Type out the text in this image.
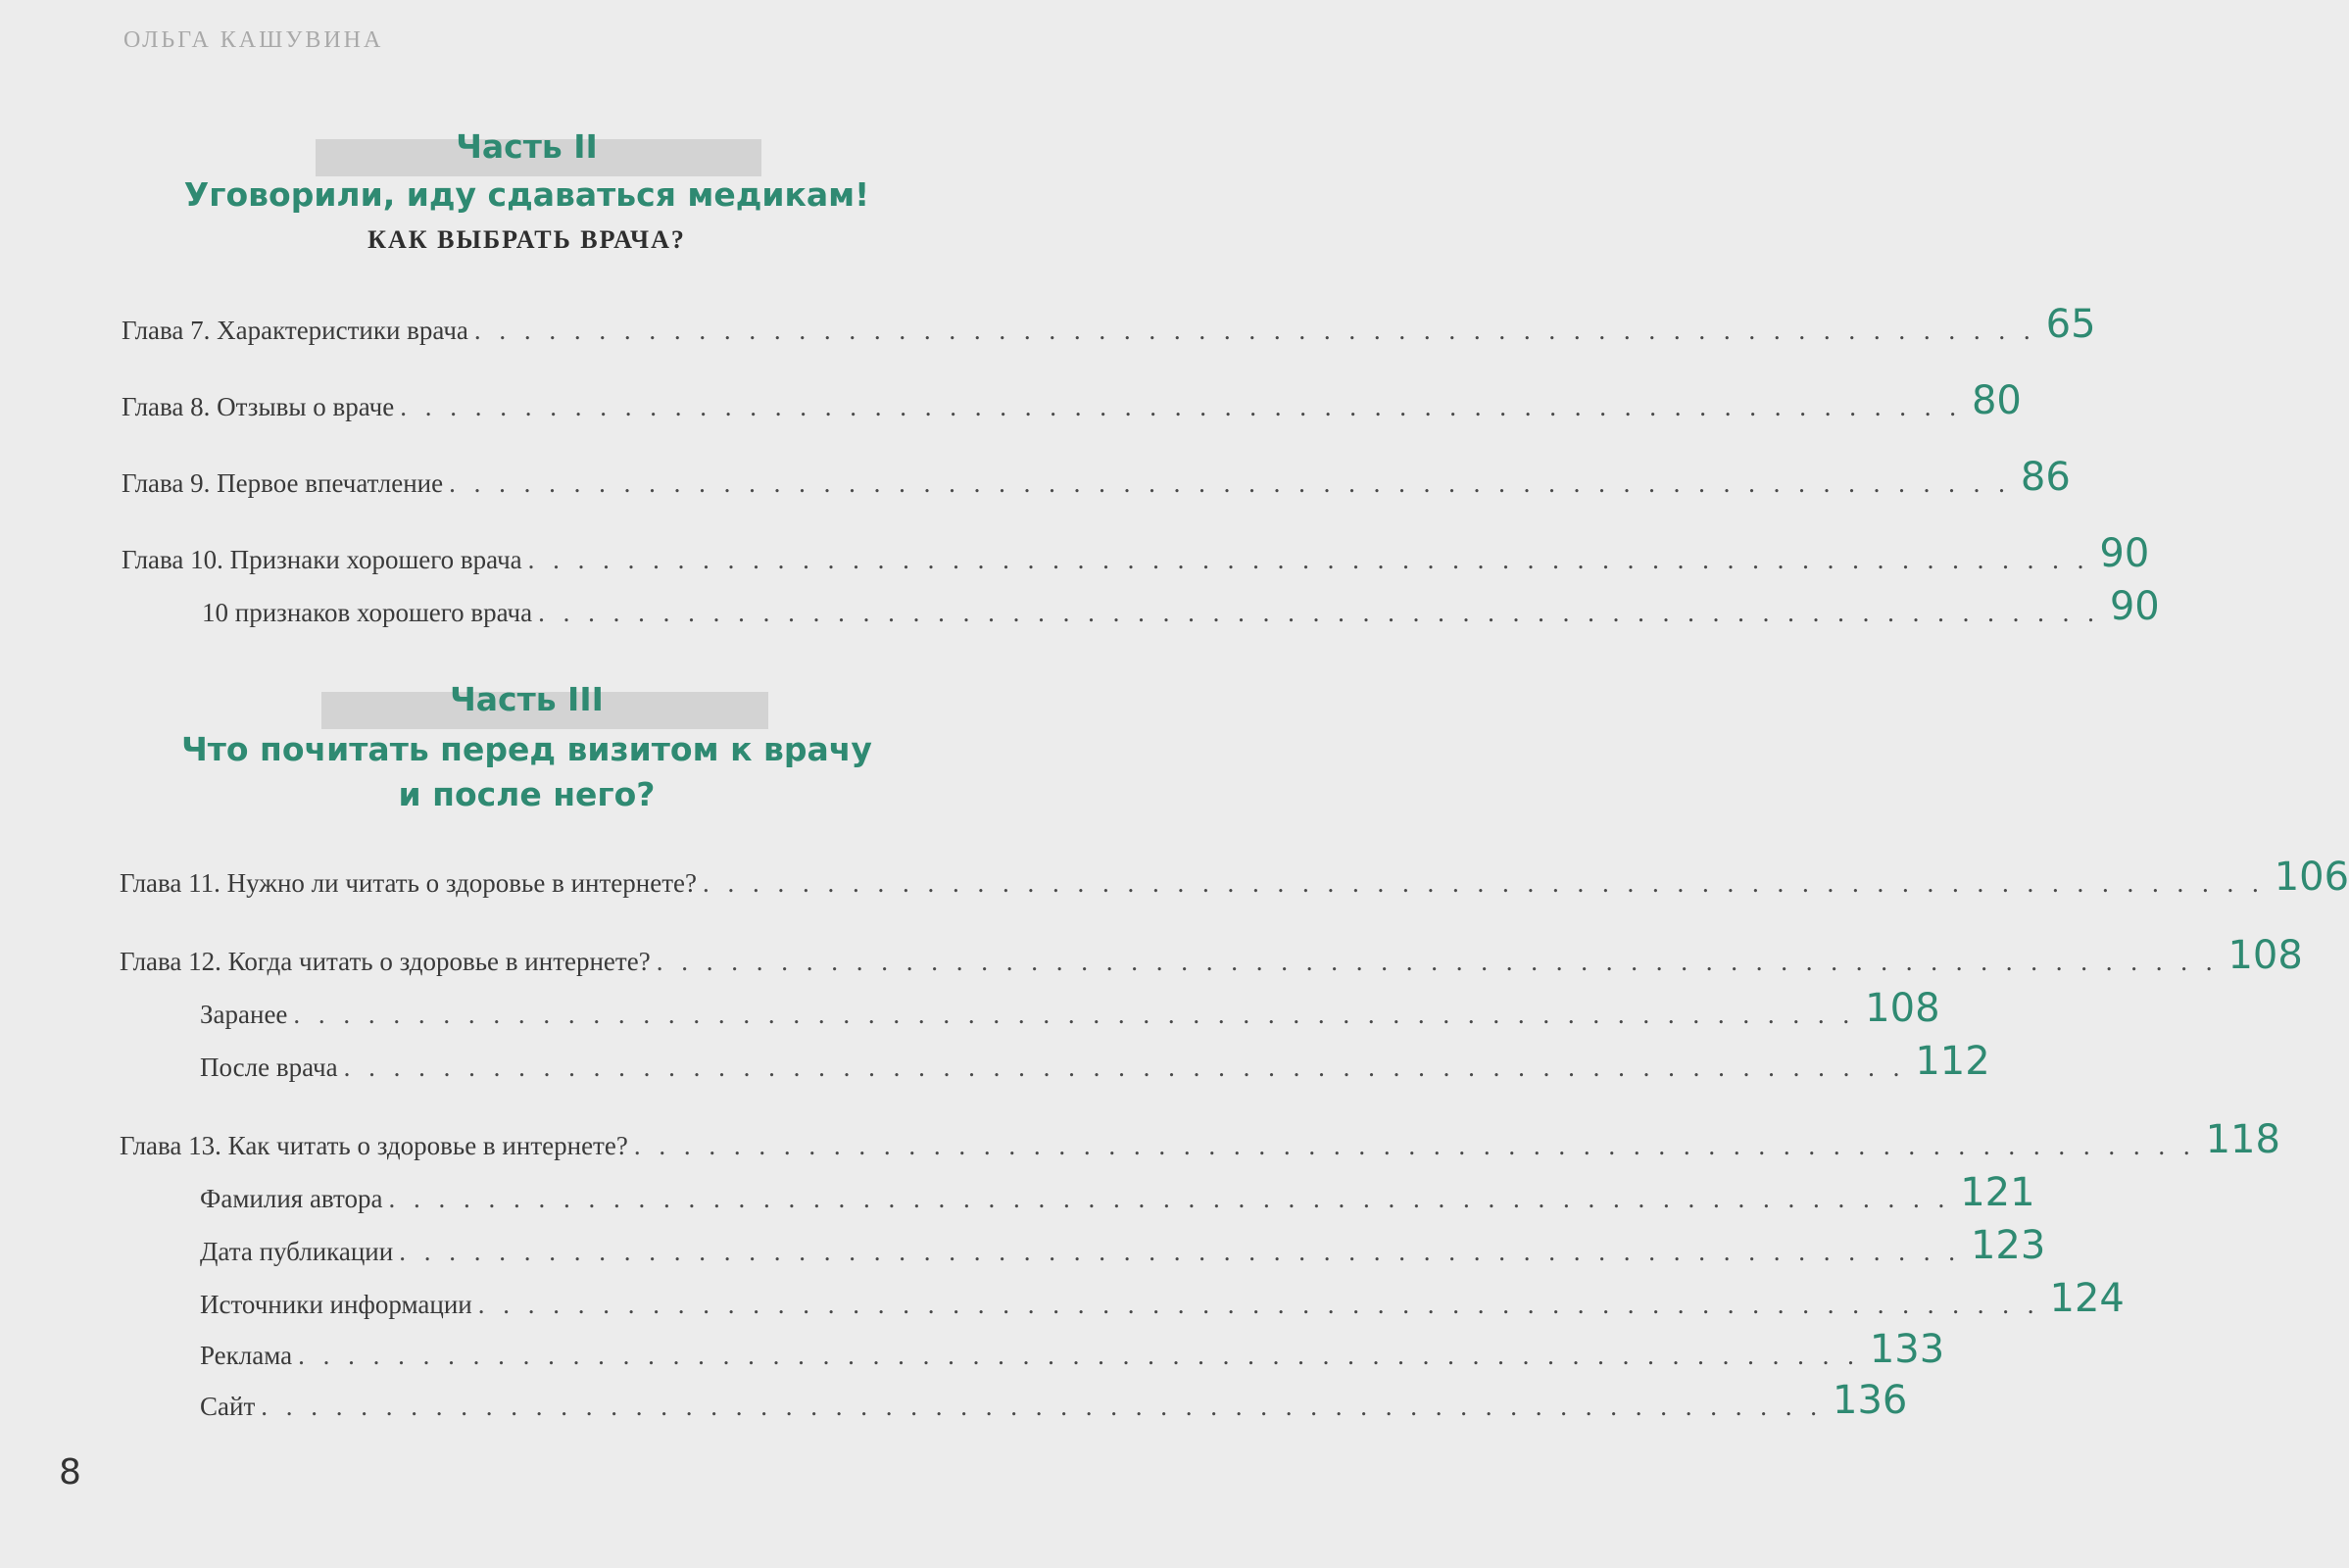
ОЛЬГА КАШУВИНА
Часть II
Уговорили, иду сдаваться медикам!
КАК ВЫБРАТЬ ВРАЧА?
Глава 7. Характеристики врача . . . . . . . . . . . . . . . . . . . . . . . . . . . . . . . . . . . . . . . . . . . . . . . . . . . . . . . . . . . . . . . 65
Глава 8. Отзывы о враче . . . . . . . . . . . . . . . . . . . . . . . . . . . . . . . . . . . . . . . . . . . . . . . . . . . . . . . . . . . . . . . 80
Глава 9. Первое впечатление . . . . . . . . . . . . . . . . . . . . . . . . . . . . . . . . . . . . . . . . . . . . . . . . . . . . . . . . . . . . . . . 86
Глава 10. Признаки хорошего врача . . . . . . . . . . . . . . . . . . . . . . . . . . . . . . . . . . . . . . . . . . . . . . . . . . . . . . . . . . . . . . . 90
10 признаков хорошего врача . . . . . . . . . . . . . . . . . . . . . . . . . . . . . . . . . . . . . . . . . . . . . . . . . . . . . . . . . . . . . . . 90
Часть III
Что почитать перед визитом к врачу
и после него?
Глава 11. Нужно ли читать о здоровье в интернете? . . . . . . . . . . . . . . . . . . . . . . . . . . . . . . . . . . . . . . . . . . . . . . . . . . . . . . . . . . . . . . . 106
Глава 12. Когда читать о здоровье в интернете? . . . . . . . . . . . . . . . . . . . . . . . . . . . . . . . . . . . . . . . . . . . . . . . . . . . . . . . . . . . . . . . 108
Заранее . . . . . . . . . . . . . . . . . . . . . . . . . . . . . . . . . . . . . . . . . . . . . . . . . . . . . . . . . . . . . . . 108
После врача . . . . . . . . . . . . . . . . . . . . . . . . . . . . . . . . . . . . . . . . . . . . . . . . . . . . . . . . . . . . . . . 112
Глава 13. Как читать о здоровье в интернете? . . . . . . . . . . . . . . . . . . . . . . . . . . . . . . . . . . . . . . . . . . . . . . . . . . . . . . . . . . . . . . . 118
Фамилия автора . . . . . . . . . . . . . . . . . . . . . . . . . . . . . . . . . . . . . . . . . . . . . . . . . . . . . . . . . . . . . . . 121
Дата публикации . . . . . . . . . . . . . . . . . . . . . . . . . . . . . . . . . . . . . . . . . . . . . . . . . . . . . . . . . . . . . . . 123
Источники информации . . . . . . . . . . . . . . . . . . . . . . . . . . . . . . . . . . . . . . . . . . . . . . . . . . . . . . . . . . . . . . . 124
Реклама . . . . . . . . . . . . . . . . . . . . . . . . . . . . . . . . . . . . . . . . . . . . . . . . . . . . . . . . . . . . . . . 133
Сайт . . . . . . . . . . . . . . . . . . . . . . . . . . . . . . . . . . . . . . . . . . . . . . . . . . . . . . . . . . . . . . . 136
8
